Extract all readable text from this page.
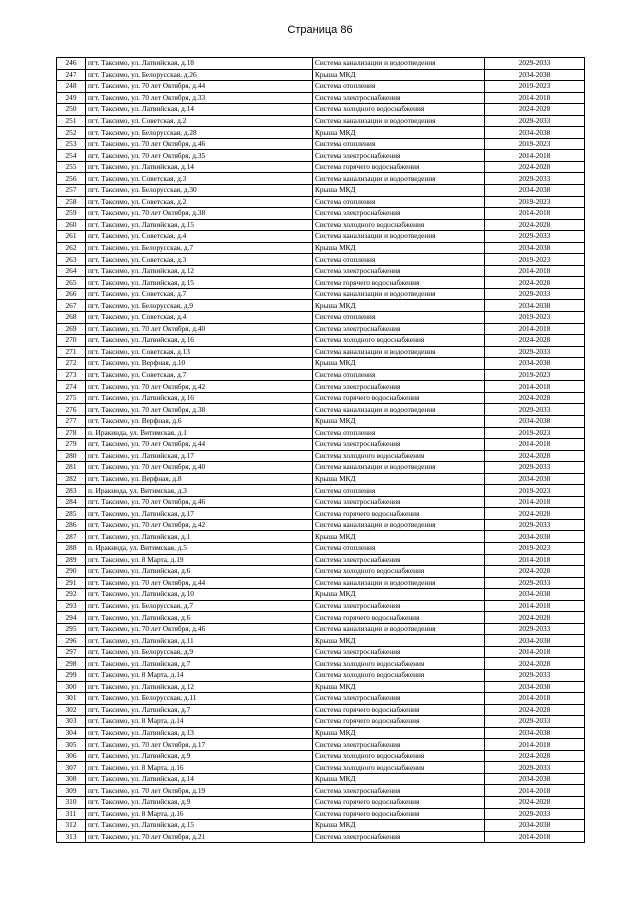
Страница 86
246	пгт. Таксимо, ул. Латвийская, д.18	Система канализации и водоотведения	2029-2033
247	пгт. Таксимо, ул. Белорусская, д.26	Крыша МКД	2034-2038
248	пгт. Таксимо, ул. 70 лет Октября, д.44	Система отопления	2019-2023
249	пгт. Таксимо, ул. 70 лет Октября, д.33	Система электроснабжения	2014-2018
250	пгт. Таксимо, ул. Латвийская, д.14	Система холодного водоснабжения	2024-2028
251	пгт. Таксимо, ул. Советская, д.2	Система канализации и водоотведения	2029-2033
252	пгт. Таксимо, ул. Белорусская, д.28	Крыша МКД	2034-2038
253	пгт. Таксимо, ул. 70 лет Октября, д.46	Система отопления	2019-2023
254	пгт. Таксимо, ул. 70 лет Октября, д.35	Система электроснабжения	2014-2018
255	пгт. Таксимо, ул. Латвийская, д.14	Система горячего водоснабжения	2024-2028
256	пгт. Таксимо, ул. Советская, д.3	Система канализации и водоотведения	2029-2033
257	пгт. Таксимо, ул. Белорусская, д.30	Крыша МКД	2034-2038
258	пгт. Таксимо, ул. Советская, д.2	Система отопления	2019-2023
259	пгт. Таксимо, ул. 70 лет Октября, д.38	Система электроснабжения	2014-2018
260	пгт. Таксимо, ул. Латвийская, д.15	Система холодного водоснабжения	2024-2028
261	пгт. Таксимо, ул. Советская, д.4	Система канализации и водоотведения	2029-2033
262	пгт. Таксимо, ул. Белорусская, д.7	Крыша МКД	2034-2038
263	пгт. Таксимо, ул. Советская, д.3	Система отопления	2019-2023
264	пгт. Таксимо, ул. Латвийская, д.12	Система электроснабжения	2014-2018
265	пгт. Таксимо, ул. Латвийская, д.15	Система горячего водоснабжения	2024-2028
266	пгт. Таксимо, ул. Советская, д.7	Система канализации и водоотведения	2029-2033
267	пгт. Таксимо, ул. Белорусская, д.9	Крыша МКД	2034-2038
268	пгт. Таксимо, ул. Советская, д.4	Система отопления	2019-2023
269	пгт. Таксимо, ул. 70 лет Октября, д.40	Система электроснабжения	2014-2018
270	пгт. Таксимо, ул. Латвийская, д.16	Система холодного водоснабжения	2024-2028
271	пгт. Таксимо, ул. Советская, д.13	Система канализации и водоотведения	2029-2033
272	пгт. Таксимо, ул. Верфная, д.10	Крыша МКД	2034-2038
273	пгт. Таксимо, ул. Советская, д.7	Система отопления	2019-2023
274	пгт. Таксимо, ул. 70 лет Октября, д.42	Система электроснабжения	2014-2018
275	пгт. Таксимо, ул. Латвийская, д.16	Система горячего водоснабжения	2024-2028
276	пгт. Таксимо, ул. 70 лет Октября, д.38	Система канализации и водоотведения	2029-2033
277	пгт. Таксимо, ул. Верфная, д.6	Крыша МКД	2034-2038
278	п. Иракинда, ул. Витимская, д.1	Система отопления	2019-2023
279	пгт. Таксимо, ул. 70 лет Октября, д.44	Система электроснабжения	2014-2018
280	пгт. Таксимо, ул. Латвийская, д.17	Система холодного водоснабжения	2024-2028
281	пгт. Таксимо, ул. 70 лет Октября, д.40	Система канализации и водоотведения	2029-2033
282	пгт. Таксимо, ул. Верфная, д.8	Крыша МКД	2034-2038
283	п. Иракинда, ул. Витимская, д.3	Система отопления	2019-2023
284	пгт. Таксимо, ул. 70 лет Октября, д.46	Система электроснабжения	2014-2018
285	пгт. Таксимо, ул. Латвийская, д.17	Система горячего водоснабжения	2024-2028
286	пгт. Таксимо, ул. 70 лет Октября, д.42	Система канализации и водоотведения	2029-2033
287	пгт. Таксимо, ул. Латвийская, д.1	Крыша МКД	2034-2038
288	п. Иракинда, ул. Витимская, д.5	Система отопления	2019-2023
289	пгт. Таксимо, ул. 8 Марта, д.19	Система электроснабжения	2014-2018
290	пгт. Таксимо, ул. Латвийская, д.6	Система холодного водоснабжения	2024-2028
291	пгт. Таксимо, ул. 70 лет Октября, д.44	Система канализации и водоотведения	2029-2033
292	пгт. Таксимо, ул. Латвийская, д.10	Крыша МКД	2034-2038
293	пгт. Таксимо, ул. Белорусская, д.7	Система электроснабжения	2014-2018
294	пгт. Таксимо, ул. Латвийская, д.6	Система горячего водоснабжения	2024-2028
295	пгт. Таксимо, ул. 70 лет Октября, д.46	Система канализации и водоотведения	2029-2033
296	пгт. Таксимо, ул. Латвийская, д.11	Крыша МКД	2034-2038
297	пгт. Таксимо, ул. Белорусская, д.9	Система электроснабжения	2014-2018
298	пгт. Таксимо, ул. Латвийская, д.7	Система холодного водоснабжения	2024-2028
299	пгт. Таксимо, ул. 8 Марта, д.14	Система холодного водоснабжения	2029-2033
300	пгт. Таксимо, ул. Латвийская, д.12	Крыша МКД	2034-2038
301	пгт. Таксимо, ул. Белорусская, д.11	Система электроснабжения	2014-2018
302	пгт. Таксимо, ул. Латвийская, д.7	Система горячего водоснабжения	2024-2028
303	пгт. Таксимо, ул. 8 Марта, д.14	Система горячего водоснабжения	2029-2033
304	пгт. Таксимо, ул. Латвийская, д.13	Крыша МКД	2034-2038
305	пгт. Таксимо, ул. 70 лет Октября, д.17	Система электроснабжения	2014-2018
306	пгт. Таксимо, ул. Латвийская, д.9	Система холодного водоснабжения	2024-2028
307	пгт. Таксимо, ул. 8 Марта, д.16	Система холодного водоснабжения	2029-2033
308	пгт. Таксимо, ул. Латвийская, д.14	Крыша МКД	2034-2038
309	пгт. Таксимо, ул. 70 лет Октября, д.19	Система электроснабжения	2014-2018
310	пгт. Таксимо, ул. Латвийская, д.9	Система горячего водоснабжения	2024-2028
311	пгт. Таксимо, ул. 8 Марта, д.16	Система горячего водоснабжения	2029-2033
312	пгт. Таксимо, ул. Латвийская, д.15	Крыша МКД	2034-2038
313	пгт. Таксимо, ул. 70 лет Октября, д.21	Система электроснабжения	2014-2018
